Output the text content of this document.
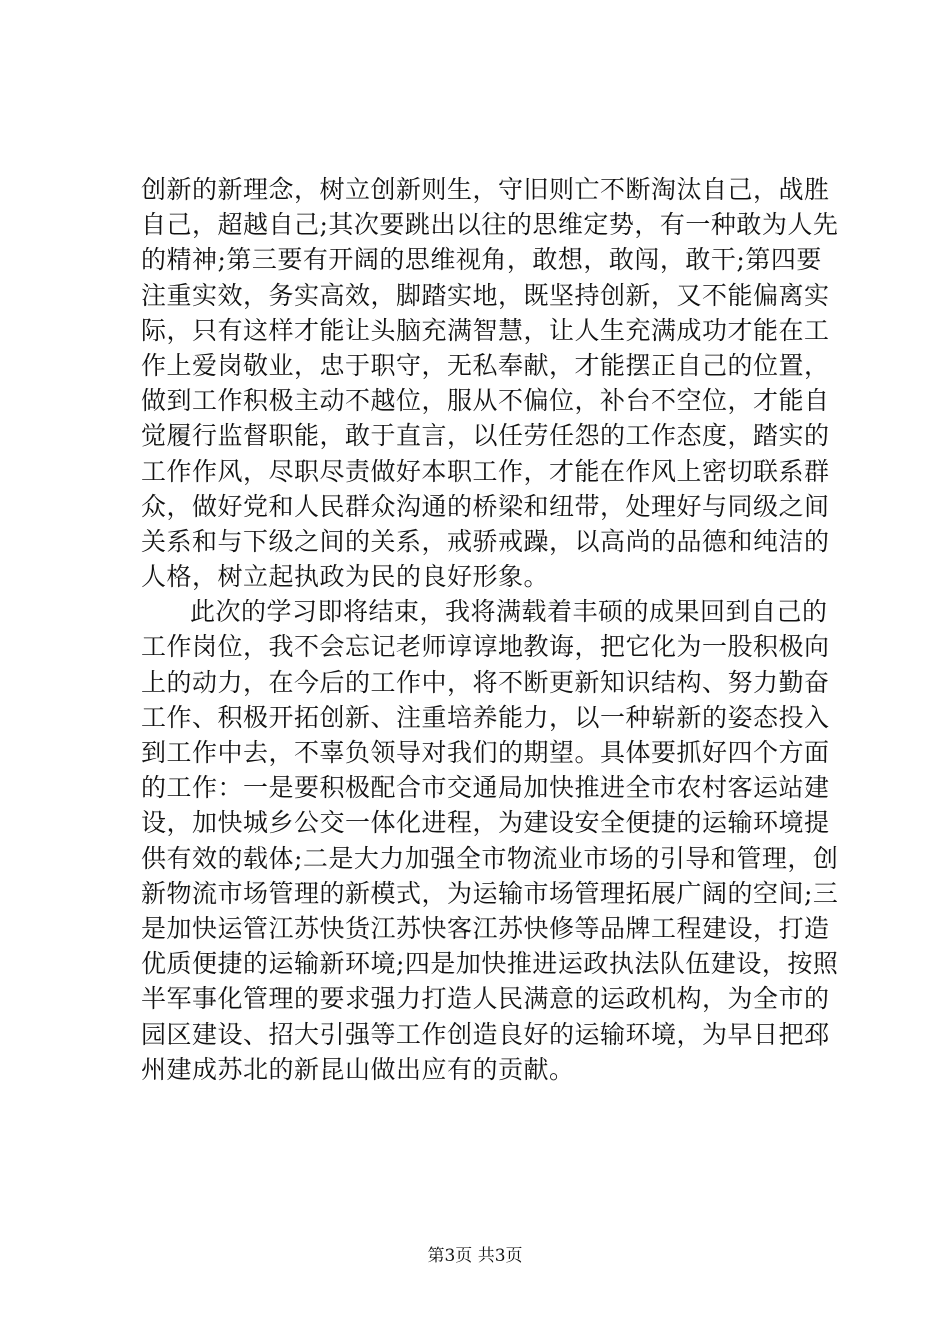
创新的新理念，树立创新则生，守旧则亡不断淘汰自己，战胜
自己，超越自己;其次要跳出以往的思维定势，有一种敢为人先
的精神;第三要有开阔的思维视角，敢想，敢闯，敢干;第四要
注重实效，务实高效，脚踏实地，既坚持创新，又不能偏离实
际，只有这样才能让头脑充满智慧，让人生充满成功才能在工
作上爱岗敬业，忠于职守，无私奉献，才能摆正自己的位置，
做到工作积极主动不越位，服从不偏位，补台不空位，才能自
觉履行监督职能，敢于直言，以任劳任怨的工作态度，踏实的
工作作风，尽职尽责做好本职工作，才能在作风上密切联系群
众，做好党和人民群众沟通的桥梁和纽带，处理好与同级之间
关系和与下级之间的关系，戒骄戒躁，以高尚的品德和纯洁的
人格，树立起执政为民的良好形象。
此次的学习即将结束，我将满载着丰硕的成果回到自己的
工作岗位，我不会忘记老师谆谆地教诲，把它化为一股积极向
上的动力，在今后的工作中，将不断更新知识结构、努力勤奋
工作、积极开拓创新、注重培养能力，以一种崭新的姿态投入
到工作中去，不辜负领导对我们的期望。具体要抓好四个方面
的工作：一是要积极配合市交通局加快推进全市农村客运站建
设，加快城乡公交一体化进程，为建设安全便捷的运输环境提
供有效的载体;二是大力加强全市物流业市场的引导和管理，创
新物流市场管理的新模式，为运输市场管理拓展广阔的空间;三
是加快运管江苏快货江苏快客江苏快修等品牌工程建设，打造
优质便捷的运输新环境;四是加快推进运政执法队伍建设，按照
半军事化管理的要求强力打造人民满意的运政机构，为全市的
园区建设、招大引强等工作创造良好的运输环境，为早日把邳
州建成苏北的新昆山做出应有的贡献。
第3页 共3页
